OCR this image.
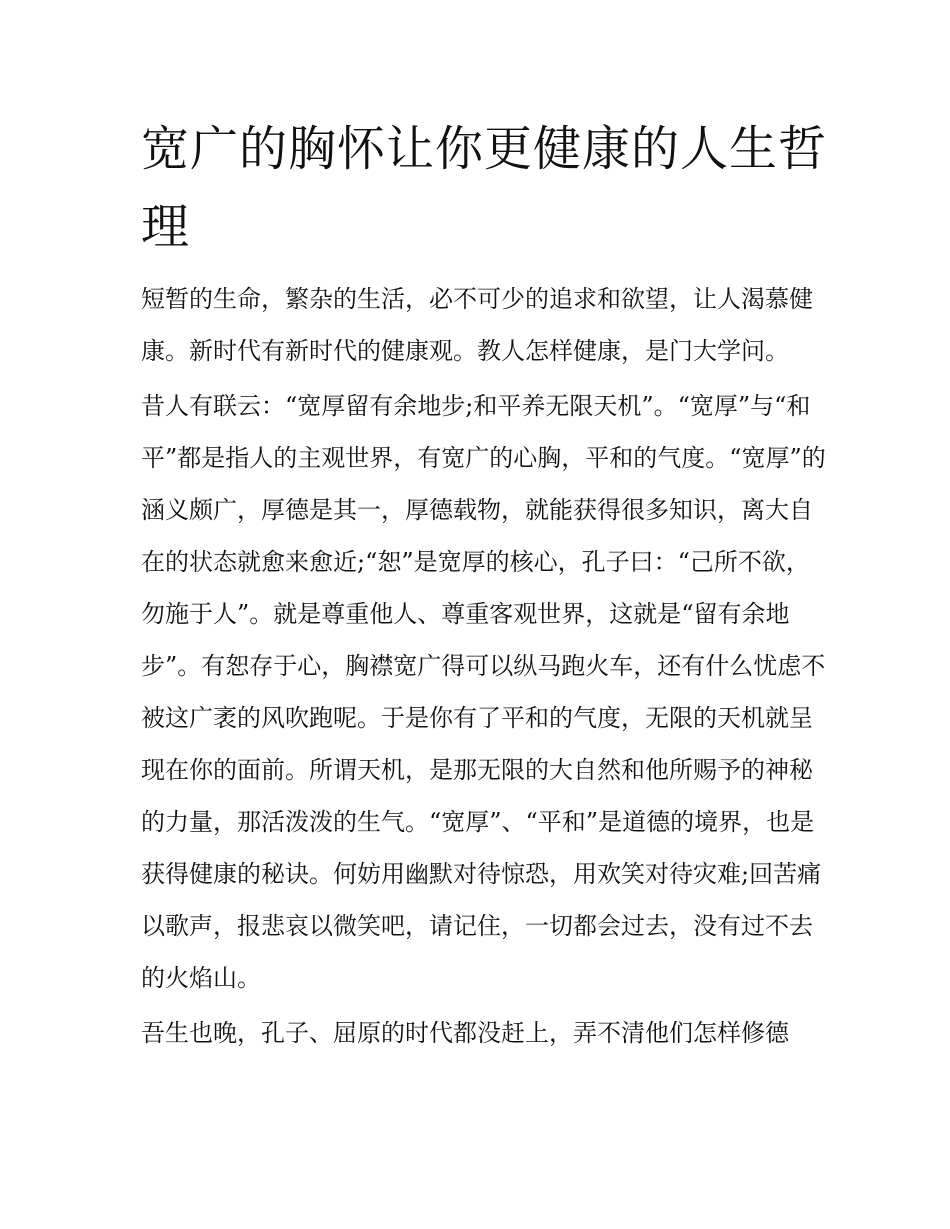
宽广的胸怀让你更健康的人生哲理

短暂的生命，繁杂的生活，必不可少的追求和欲望，让人渴慕健康。新时代有新时代的健康观。教人怎样健康，是门大学问。

昔人有联云：“宽厚留有余地步;和平养无限天机”。“宽厚”与“和平”都是指人的主观世界，有宽广的心胸，平和的气度。“宽厚”的涵义颇广，厚德是其一，厚德载物，就能获得很多知识，离大自在的状态就愈来愈近;“恕”是宽厚的核心，孔子曰：“己所不欲，勿施于人”。就是尊重他人、尊重客观世界，这就是“留有余地步”。有恕存于心，胸襟宽广得可以纵马跑火车，还有什么忧虑不被这广袤的风吹跑呢。于是你有了平和的气度，无限的天机就呈现在你的面前。所谓天机，是那无限的大自然和他所赐予的神秘的力量，那活泼泼的生气。“宽厚”、“平和”是道德的境界，也是获得健康的秘诀。何妨用幽默对待惊恐，用欢笑对待灾难;回苦痛以歌声，报悲哀以微笑吧，请记住，一切都会过去，没有过不去的火焰山。

吾生也晚，孔子、屈原的时代都没赶上，弄不清他们怎样修德
